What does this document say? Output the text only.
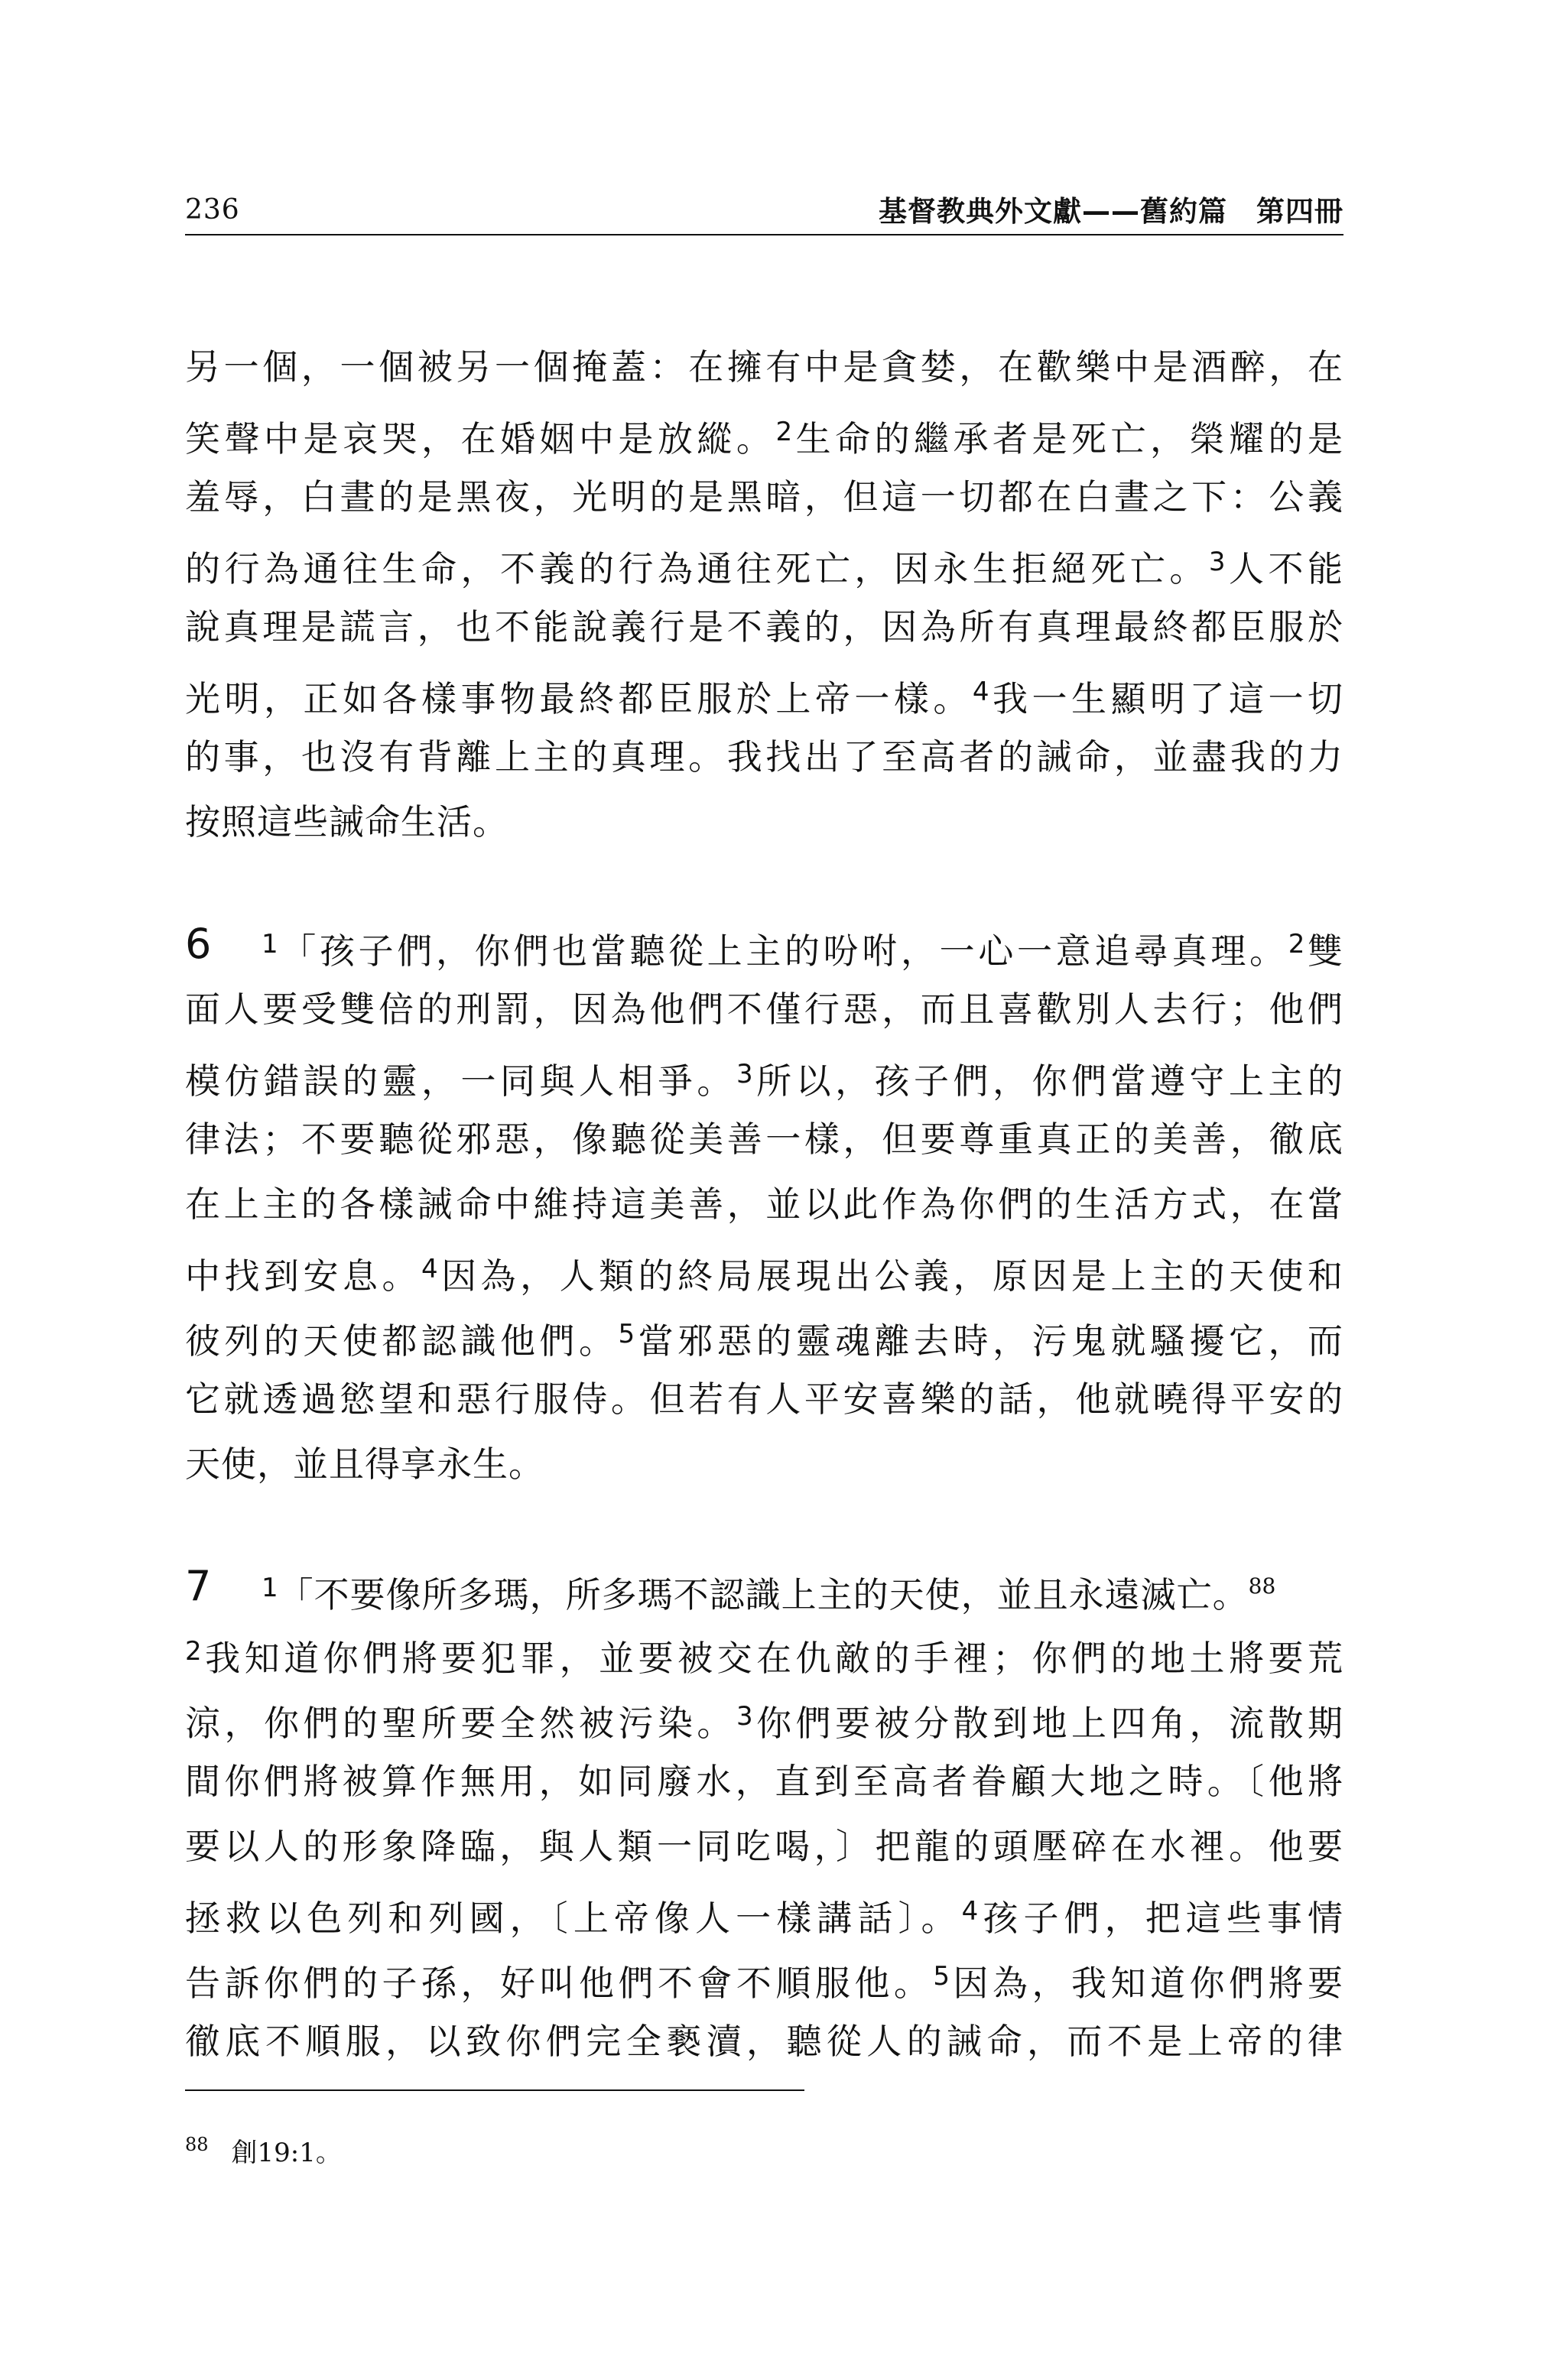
236	基督教典外文獻——舊約篇　第四冊
另一個，一個被另一個掩蓋：在擁有中是貪婪，在歡樂中是酒醉，在
笑聲中是哀哭，在婚姻中是放縱。$^2$生命的繼承者是死亡，榮耀的是
羞辱，白晝的是黑夜，光明的是黑暗，但這一切都在白晝之下：公義
的行為通往生命，不義的行為通往死亡，因永生拒絕死亡。$^3$人不能
說真理是謊言，也不能說義行是不義的，因為所有真理最終都臣服於
光明，正如各樣事物最終都臣服於上帝一樣。$^4$我一生顯明了這一切
的事，也沒有背離上主的真理。我找出了至高者的誡命，並盡我的力
按照這些誡命生活。
6 $^1$「孩子們，你們也當聽從上主的吩咐，一心一意追尋真理。$^2$雙
面人要受雙倍的刑罰，因為他們不僅行惡，而且喜歡別人去行；他們
模仿錯誤的靈，一同與人相爭。$^3$所以，孩子們，你們當遵守上主的
律法；不要聽從邪惡，像聽從美善一樣，但要尊重真正的美善，徹底
在上主的各樣誡命中維持這美善，並以此作為你們的生活方式，在當
中找到安息。$^4$因為，人類的終局展現出公義，原因是上主的天使和
彼列的天使都認識他們。$^5$當邪惡的靈魂離去時，污鬼就騷擾它，而
它就透過慾望和惡行服侍。但若有人平安喜樂的話，他就曉得平安的
天使，並且得享永生。
7 $^1$「不要像所多瑪，所多瑪不認識上主的天使，並且永遠滅亡。$^{88}$
$^2$我知道你們將要犯罪，並要被交在仇敵的手裡；你們的地土將要荒
涼，你們的聖所要全然被污染。$^3$你們要被分散到地上四角，流散期
間你們將被算作無用，如同廢水，直到至高者眷顧大地之時。〔他將
要以人的形象降臨，與人類一同吃喝，〕把龍的頭壓碎在水裡。他要
拯救以色列和列國，〔上帝像人一樣講話〕。$^4$孩子們，把這些事情
告訴你們的子孫，好叫他們不會不順服他。$^5$因為，我知道你們將要
徹底不順服，以致你們完全褻瀆，聽從人的誡命，而不是上帝的律
$^{88}$ 創19:1。
